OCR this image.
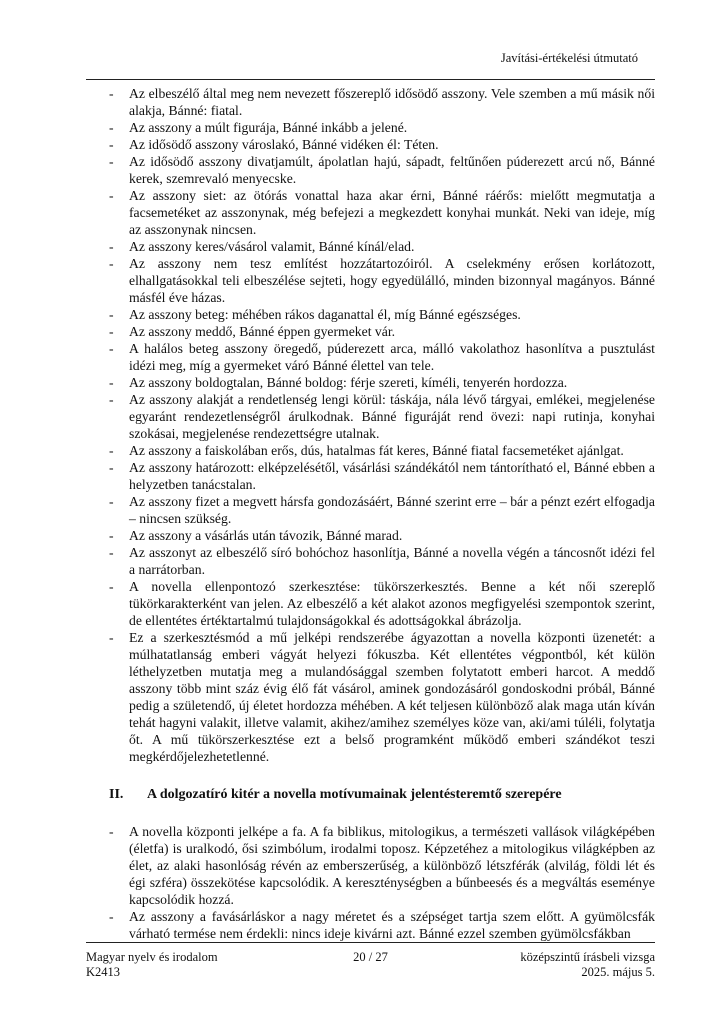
Javítási-értékelési útmutató
- Az elbeszélő által meg nem nevezett főszereplő idősödő asszony. Vele szemben a mű másik női alakja, Bánné: fiatal.
- Az asszony a múlt figurája, Bánné inkább a jelené.
- Az idősödő asszony városlakó, Bánné vidéken él: Téten.
- Az idősödő asszony divatjamúlt, ápolatlan hajú, sápadt, feltűnően púderezett arcú nő, Bánné kerek, szemrevaló menyecske.
- Az asszony siet: az ötórás vonattal haza akar érni, Bánné ráérős: mielőtt megmutatja a facsemetéket az asszonynak, még befejezi a megkezdett konyhai munkát. Neki van ideje, míg az asszonynak nincsen.
- Az asszony keres/vásárol valamit, Bánné kínál/elad.
- Az asszony nem tesz említést hozzátartozóiról. A cselekmény erősen korlátozott, elhallgatásokkal teli elbeszélése sejteti, hogy egyedülálló, minden bizonnyal magányos. Bánné másfél éve házas.
- Az asszony beteg: méhében rákos daganattal él, míg Bánné egészséges.
- Az asszony meddő, Bánné éppen gyermeket vár.
- A halálos beteg asszony öregedő, púderezett arca, málló vakolathoz hasonlítva a pusztulást idézi meg, míg a gyermeket váró Bánné élettel van tele.
- Az asszony boldogtalan, Bánné boldog: férje szereti, kíméli, tenyerén hordozza.
- Az asszony alakját a rendetlenség lengi körül: táskája, nála lévő tárgyai, emlékei, megjelenése egyaránt rendezetlenségről árulkodnak. Bánné figuráját rend övezi: napi rutinja, konyhai szokásai, megjelenése rendezettségre utalnak.
- Az asszony a faiskolában erős, dús, hatalmas fát keres, Bánné fiatal facsemetéket ajánlgat.
- Az asszony határozott: elképzelésétől, vásárlási szándékától nem tántorítható el, Bánné ebben a helyzetben tanácstalan.
- Az asszony fizet a megvett hársfa gondozásáért, Bánné szerint erre – bár a pénzt ezért elfogadja – nincsen szükség.
- Az asszony a vásárlás után távozik, Bánné marad.
- Az asszonyt az elbeszélő síró bohóchoz hasonlítja, Bánné a novella végén a táncosnőt idézi fel a narrátorban.
- A novella ellenpontozó szerkesztése: tükörszerkesztés. Benne a két női szereplő tükörkarakterként van jelen. Az elbeszélő a két alakot azonos megfigyelési szempontok szerint, de ellentétes értéktartalmú tulajdonságokkal és adottságokkal ábrázolja.
- Ez a szerkesztésmód a mű jelképi rendszerébe ágyazottan a novella központi üzenetét: a múlhatatlanság emberi vágyát helyezi fókuszba. Két ellentétes végpontból, két külön léthelyzetben mutatja meg a mulandósággal szemben folytatott emberi harcot. A meddő asszony több mint száz évig élő fát vásárol, aminek gondozásáról gondoskodni próbál, Bánné pedig a születendő, új életet hordozza méhében. A két teljesen különböző alak maga után kíván tehát hagyni valakit, illetve valamit, akihez/amihez személyes köze van, aki/ami túléli, folytatja őt. A mű tükörszerkesztése ezt a belső programként működő emberi szándékot teszi megkérdőjelezhetetlenné.
II.	A dolgozatíró kitér a novella motívumainak jelentésteremtő szerepére
- A novella központi jelképe a fa. A fa biblikus, mitologikus, a természeti vallások világképében (életfa) is uralkodó, ősi szimbólum, irodalmi toposz. Képzetéhez a mitologikus világképben az élet, az alaki hasonlóság révén az emberszerűség, a különböző létszférák (alvilág, földi lét és égi szféra) összekötése kapcsolódik. A kereszténységben a bűnbeesés és a megváltás eseménye kapcsolódik hozzá.
- Az asszony a favásárláskor a nagy méretet és a szépséget tartja szem előtt. A gyümölcsfák várható termése nem érdekli: nincs ideje kivárni azt. Bánné ezzel szemben gyümölcsfákban
Magyar nyelv és irodalom
K2413
20 / 27	középszintű írásbeli vizsga
2025. május 5.
